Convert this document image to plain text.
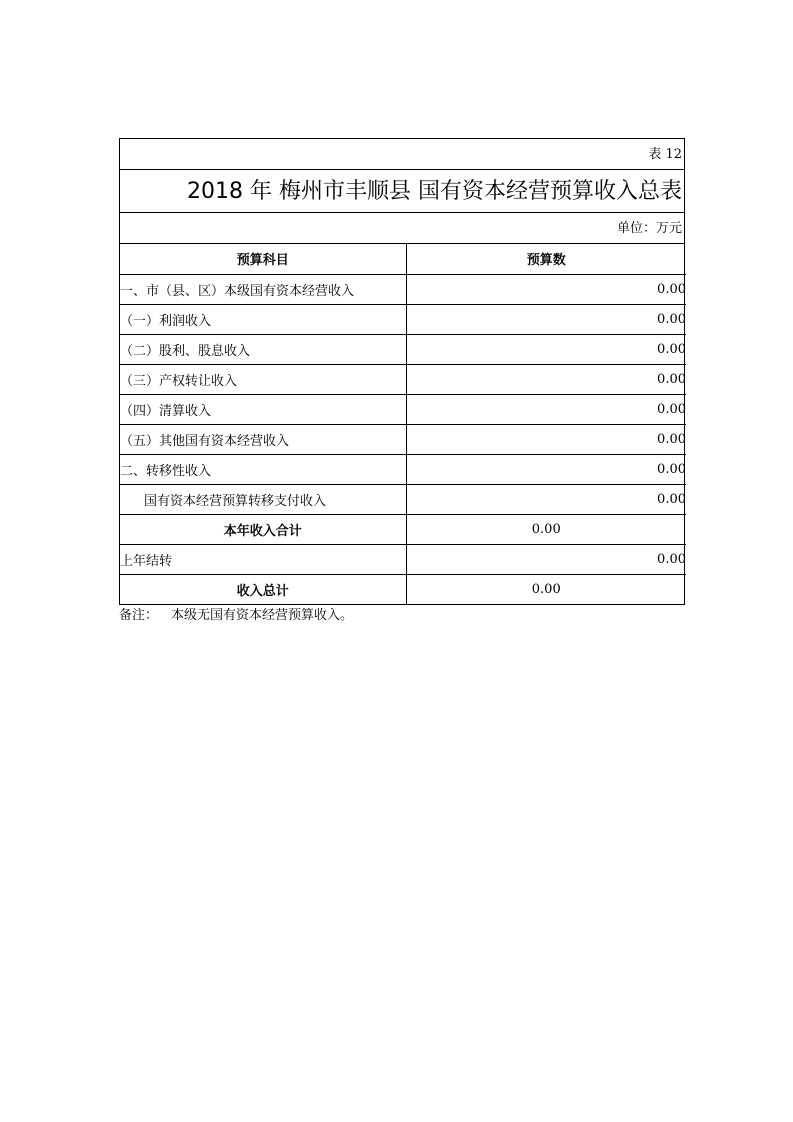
表 12
2018 年 梅州市丰顺县 国有资本经营预算收入总表
单位：万元
预算科目	预算数
一、市（县、区）本级国有资本经营收入	0.00
（一）利润收入	0.00
（二）股利、股息收入	0.00
（三）产权转让收入	0.00
（四）清算收入	0.00
（五）其他国有资本经营收入	0.00
二、转移性收入	0.00
国有资本经营预算转移支付收入	0.00
本年收入合计	0.00
上年结转	0.00
收入总计	0.00
备注： 本级无国有资本经营预算收入。
